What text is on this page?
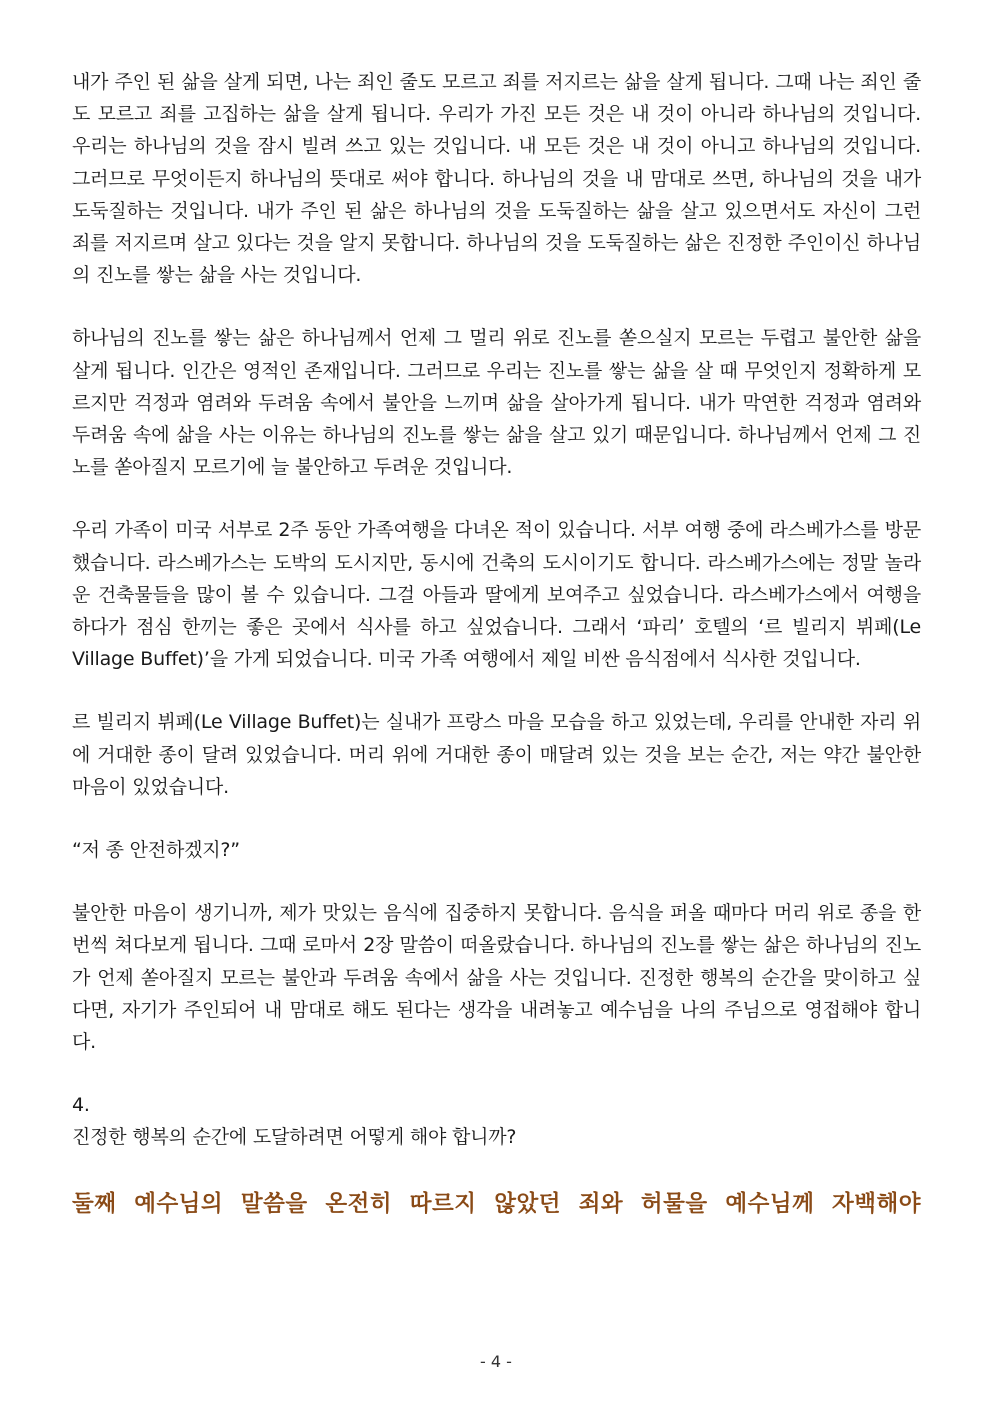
내가 주인 된 삶을 살게 되면, 나는 죄인 줄도 모르고 죄를 저지르는 삶을 살게 됩니다. 그때 나는 죄인 줄도 모르고 죄를 고집하는 삶을 살게 됩니다. 우리가 가진 모든 것은 내 것이 아니라 하나님의 것입니다. 우리는 하나님의 것을 잠시 빌려 쓰고 있는 것입니다. 내 모든 것은 내 것이 아니고 하나님의 것입니다. 그러므로 무엇이든지 하나님의 뜻대로 써야 합니다. 하나님의 것을 내 맘대로 쓰면, 하나님의 것을 내가 도둑질하는 것입니다. 내가 주인 된 삶은 하나님의 것을 도둑질하는 삶을 살고 있으면서도 자신이 그런 죄를 저지르며 살고 있다는 것을 알지 못합니다. 하나님의 것을 도둑질하는 삶은 진정한 주인이신 하나님의 진노를 쌓는 삶을 사는 것입니다.

하나님의 진노를 쌓는 삶은 하나님께서 언제 그 멀리 위로 진노를 쏟으실지 모르는 두렵고 불안한 삶을 살게 됩니다. 인간은 영적인 존재입니다. 그러므로 우리는 진노를 쌓는 삶을 살 때 무엇인지 정확하게 모르지만 걱정과 염려와 두려움 속에서 불안을 느끼며 삶을 살아가게 됩니다. 내가 막연한 걱정과 염려와 두려움 속에 삶을 사는 이유는 하나님의 진노를 쌓는 삶을 살고 있기 때문입니다. 하나님께서 언제 그 진노를 쏟아질지 모르기에 늘 불안하고 두려운 것입니다.

우리 가족이 미국 서부로 2주 동안 가족여행을 다녀온 적이 있습니다. 서부 여행 중에 라스베가스를 방문했습니다. 라스베가스는 도박의 도시지만, 동시에 건축의 도시이기도 합니다. 라스베가스에는 정말 놀라운 건축물들을 많이 볼 수 있습니다. 그걸 아들과 딸에게 보여주고 싶었습니다. 라스베가스에서 여행을 하다가 점심 한끼는 좋은 곳에서 식사를 하고 싶었습니다. 그래서 ‘파리’ 호텔의 ‘르 빌리지 뷔페(Le Village Buffet)’을 가게 되었습니다. 미국 가족 여행에서 제일 비싼 음식점에서 식사한 것입니다.

르 빌리지 뷔페(Le Village Buffet)는 실내가 프랑스 마을 모습을 하고 있었는데, 우리를 안내한 자리 위에 거대한 종이 달려 있었습니다. 머리 위에 거대한 종이 매달려 있는 것을 보는 순간, 저는 약간 불안한 마음이 있었습니다.

“저 종 안전하겠지?”

불안한 마음이 생기니까, 제가 맛있는 음식에 집중하지 못합니다. 음식을 퍼올 때마다 머리 위로 종을 한 번씩 쳐다보게 됩니다. 그때 로마서 2장 말씀이 떠올랐습니다. 하나님의 진노를 쌓는 삶은 하나님의 진노가 언제 쏟아질지 모르는 불안과 두려움 속에서 삶을 사는 것입니다. 진정한 행복의 순간을 맞이하고 싶다면, 자기가 주인되어 내 맘대로 해도 된다는 생각을 내려놓고 예수님을 나의 주님으로 영접해야 합니다.

4.
진정한 행복의 순간에 도달하려면 어떻게 해야 합니까?
둘째 예수님의 말씀을 온전히 따르지 않았던 죄와 허물을 예수님께 자백해야
- 4 -
